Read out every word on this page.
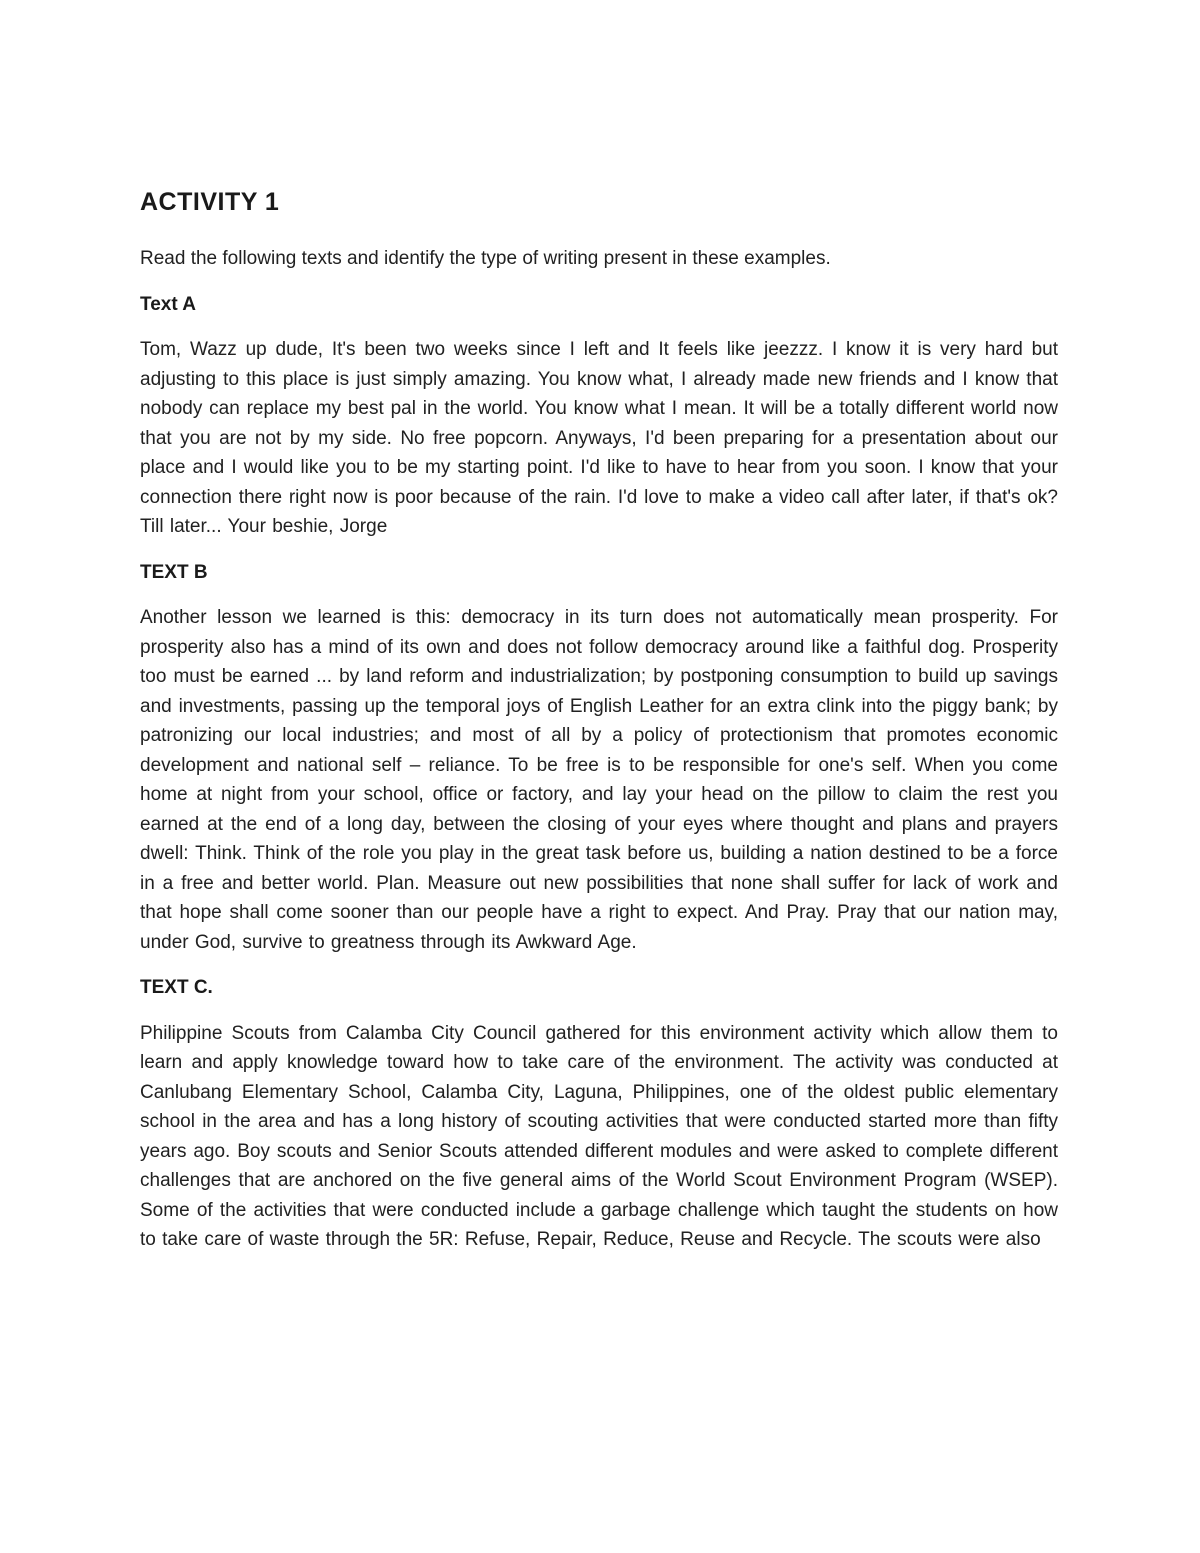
ACTIVITY 1

Read the following texts and identify the type of writing present in these examples.

Text A

Tom, Wazz up dude, It's been two weeks since I left and It feels like jeezzz. I know it is very hard but adjusting to this place is just simply amazing. You know what, I already made new friends and I know that nobody can replace my best pal in the world. You know what I mean. It will be a totally different world now that you are not by my side. No free popcorn. Anyways, I'd been preparing for a presentation about our place and I would like you to be my starting point. I'd like to have to hear from you soon. I know that your connection there right now is poor because of the rain. I'd love to make a video call after later, if that's ok? Till later... Your beshie, Jorge

TEXT B

Another lesson we learned is this: democracy in its turn does not automatically mean prosperity. For prosperity also has a mind of its own and does not follow democracy around like a faithful dog. Prosperity too must be earned ... by land reform and industrialization; by postponing consumption to build up savings and investments, passing up the temporal joys of English Leather for an extra clink into the piggy bank; by patronizing our local industries; and most of all by a policy of protectionism that promotes economic development and national self – reliance. To be free is to be responsible for one's self. When you come home at night from your school, office or factory, and lay your head on the pillow to claim the rest you earned at the end of a long day, between the closing of your eyes where thought and plans and prayers dwell: Think. Think of the role you play in the great task before us, building a nation destined to be a force in a free and better world. Plan. Measure out new possibilities that none shall suffer for lack of work and that hope shall come sooner than our people have a right to expect. And Pray. Pray that our nation may, under God, survive to greatness through its Awkward Age.

TEXT C.

Philippine Scouts from Calamba City Council gathered for this environment activity which allow them to learn and apply knowledge toward how to take care of the environment. The activity was conducted at Canlubang Elementary School, Calamba City, Laguna, Philippines, one of the oldest public elementary school in the area and has a long history of scouting activities that were conducted started more than fifty years ago. Boy scouts and Senior Scouts attended different modules and were asked to complete different challenges that are anchored on the five general aims of the World Scout Environment Program (WSEP). Some of the activities that were conducted include a garbage challenge which taught the students on how to take care of waste through the 5R: Refuse, Repair, Reduce, Reuse and Recycle. The scouts were also
